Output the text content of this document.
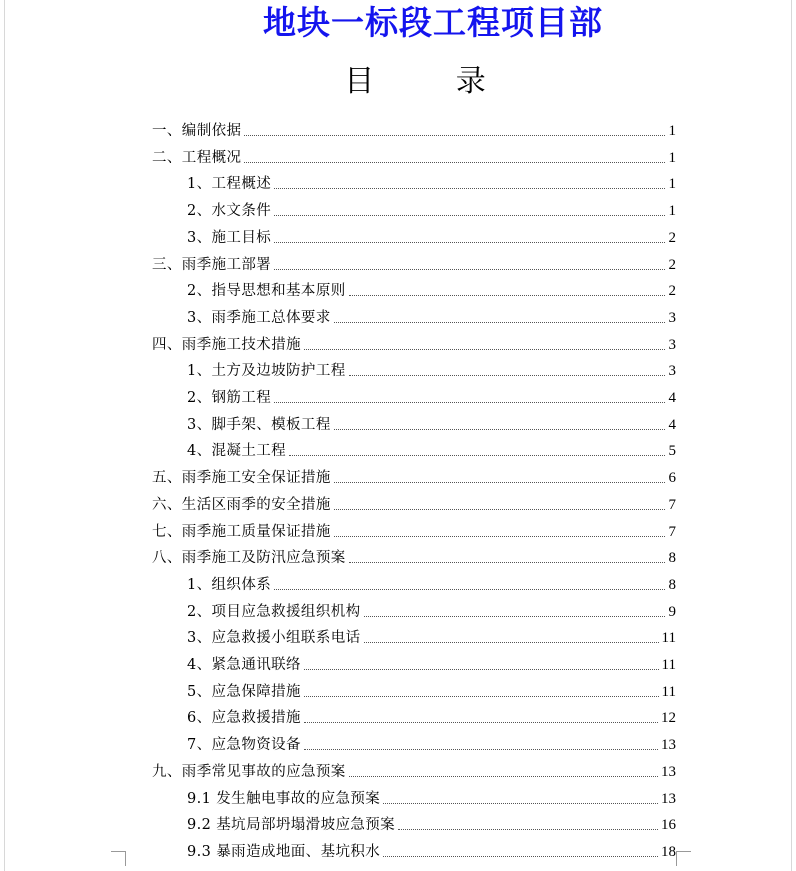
地块一标段工程项目部
目 录
一、编制依据	1
二、工程概况	1
1、工程概述	1
2、水文条件	1
3、施工目标	2
三、雨季施工部署	2
2、指导思想和基本原则	2
3、雨季施工总体要求	3
四、雨季施工技术措施	3
1、土方及边坡防护工程	3
2、钢筋工程	4
3、脚手架、模板工程	4
4、混凝土工程	5
五、雨季施工安全保证措施	6
六、生活区雨季的安全措施	7
七、雨季施工质量保证措施	7
八、雨季施工及防汛应急预案	8
1、组织体系	8
2、项目应急救援组织机构	9
3、应急救援小组联系电话	11
4、紧急通讯联络	11
5、应急保障措施	11
6、应急救援措施	12
7、应急物资设备	13
九、雨季常见事故的应急预案	13
9.1 发生触电事故的应急预案	13
9.2 基坑局部坍塌滑坡应急预案	16
9.3 暴雨造成地面、基坑积水	18
